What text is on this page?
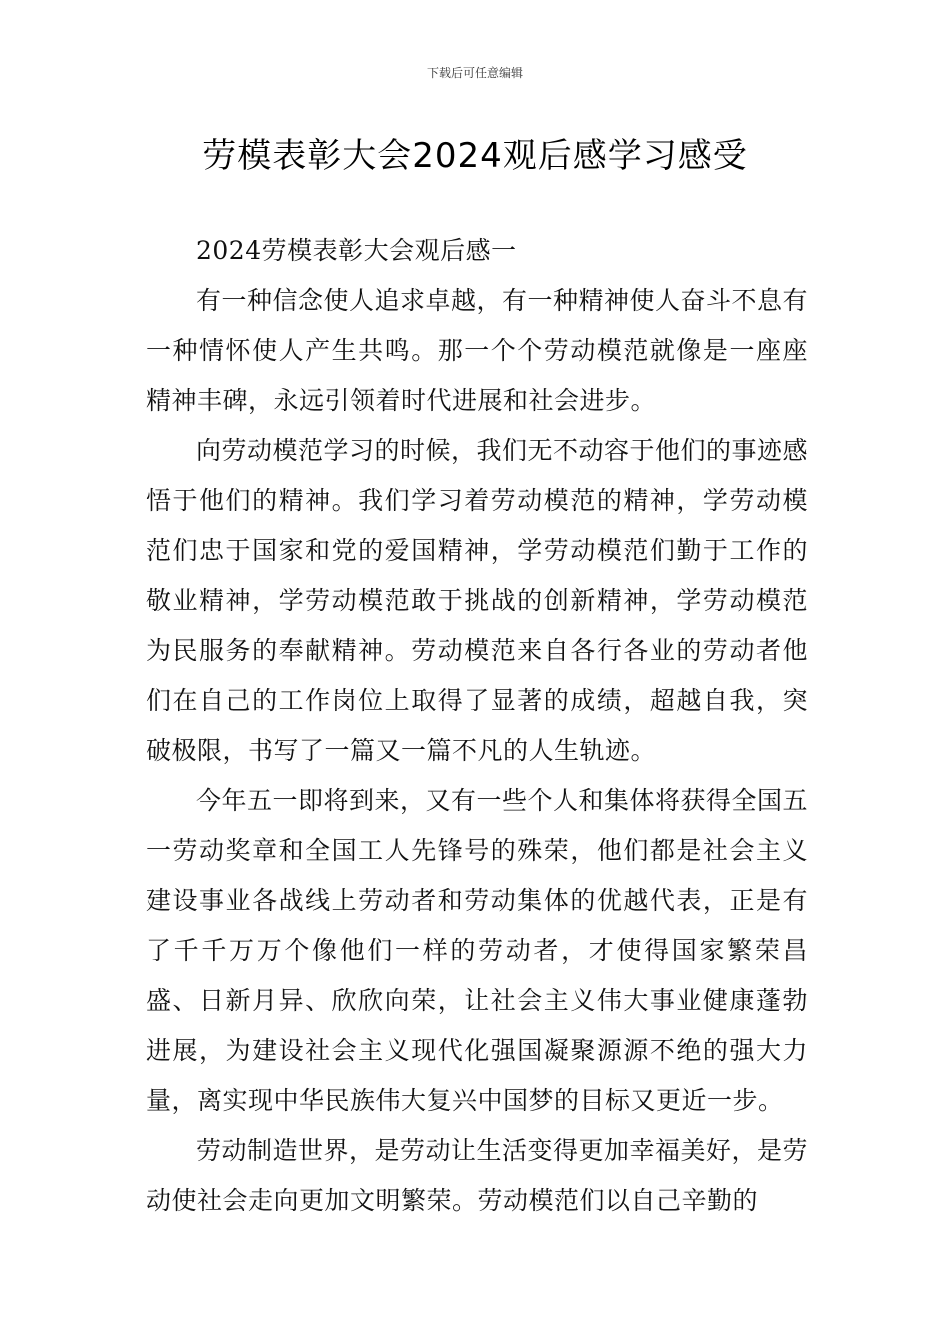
下载后可任意编辑
劳模表彰大会2024观后感学习感受

2024劳模表彰大会观后感一

有一种信念使人追求卓越，有一种精神使人奋斗不息有一种情怀使人产生共鸣。那一个个劳动模范就像是一座座精神丰碑，永远引领着时代进展和社会进步。

向劳动模范学习的时候，我们无不动容于他们的事迹感悟于他们的精神。我们学习着劳动模范的精神，学劳动模范们忠于国家和党的爱国精神，学劳动模范们勤于工作的敬业精神，学劳动模范敢于挑战的创新精神，学劳动模范为民服务的奉献精神。劳动模范来自各行各业的劳动者他们在自己的工作岗位上取得了显著的成绩，超越自我，突破极限，书写了一篇又一篇不凡的人生轨迹。

今年五一即将到来，又有一些个人和集体将获得全国五一劳动奖章和全国工人先锋号的殊荣，他们都是社会主义建设事业各战线上劳动者和劳动集体的优越代表，正是有了千千万万个像他们一样的劳动者，才使得国家繁荣昌盛、日新月异、欣欣向荣，让社会主义伟大事业健康蓬勃进展，为建设社会主义现代化强国凝聚源源不绝的强大力量，离实现中华民族伟大复兴中国梦的目标又更近一步。

劳动制造世界，是劳动让生活变得更加幸福美好，是劳动使社会走向更加文明繁荣。劳动模范们以自己辛勤的
